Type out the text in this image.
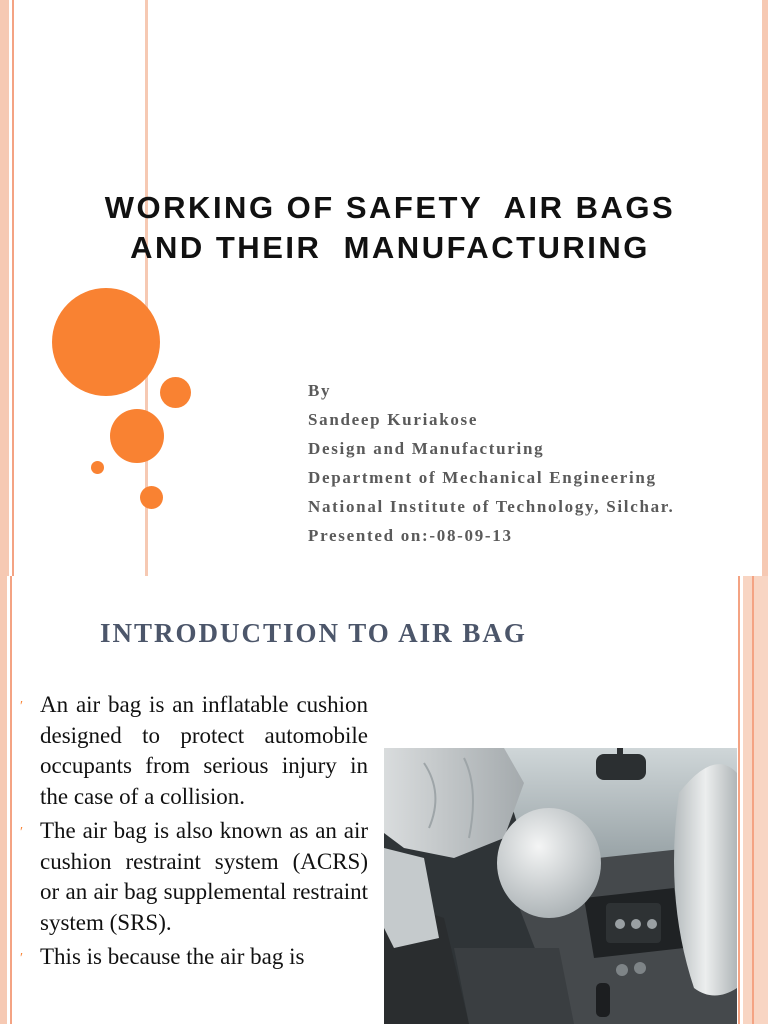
WORKING OF SAFETY  AIR BAGS
AND THEIR  MANUFACTURING
By
Sandeep Kuriakose
Design and Manufacturing
Department of Mechanical Engineering
National Institute of Technology, Silchar.
Presented on:-08-09-13
INTRODUCTION TO AIR BAG
′ An air bag is an inflatable cushion designed to protect automobile occupants from serious injury in the case of a collision.
′ The air bag is also known as an air cushion restraint system (ACRS) or an air bag supplemental restraint system (SRS).
′ This is because the air bag is
